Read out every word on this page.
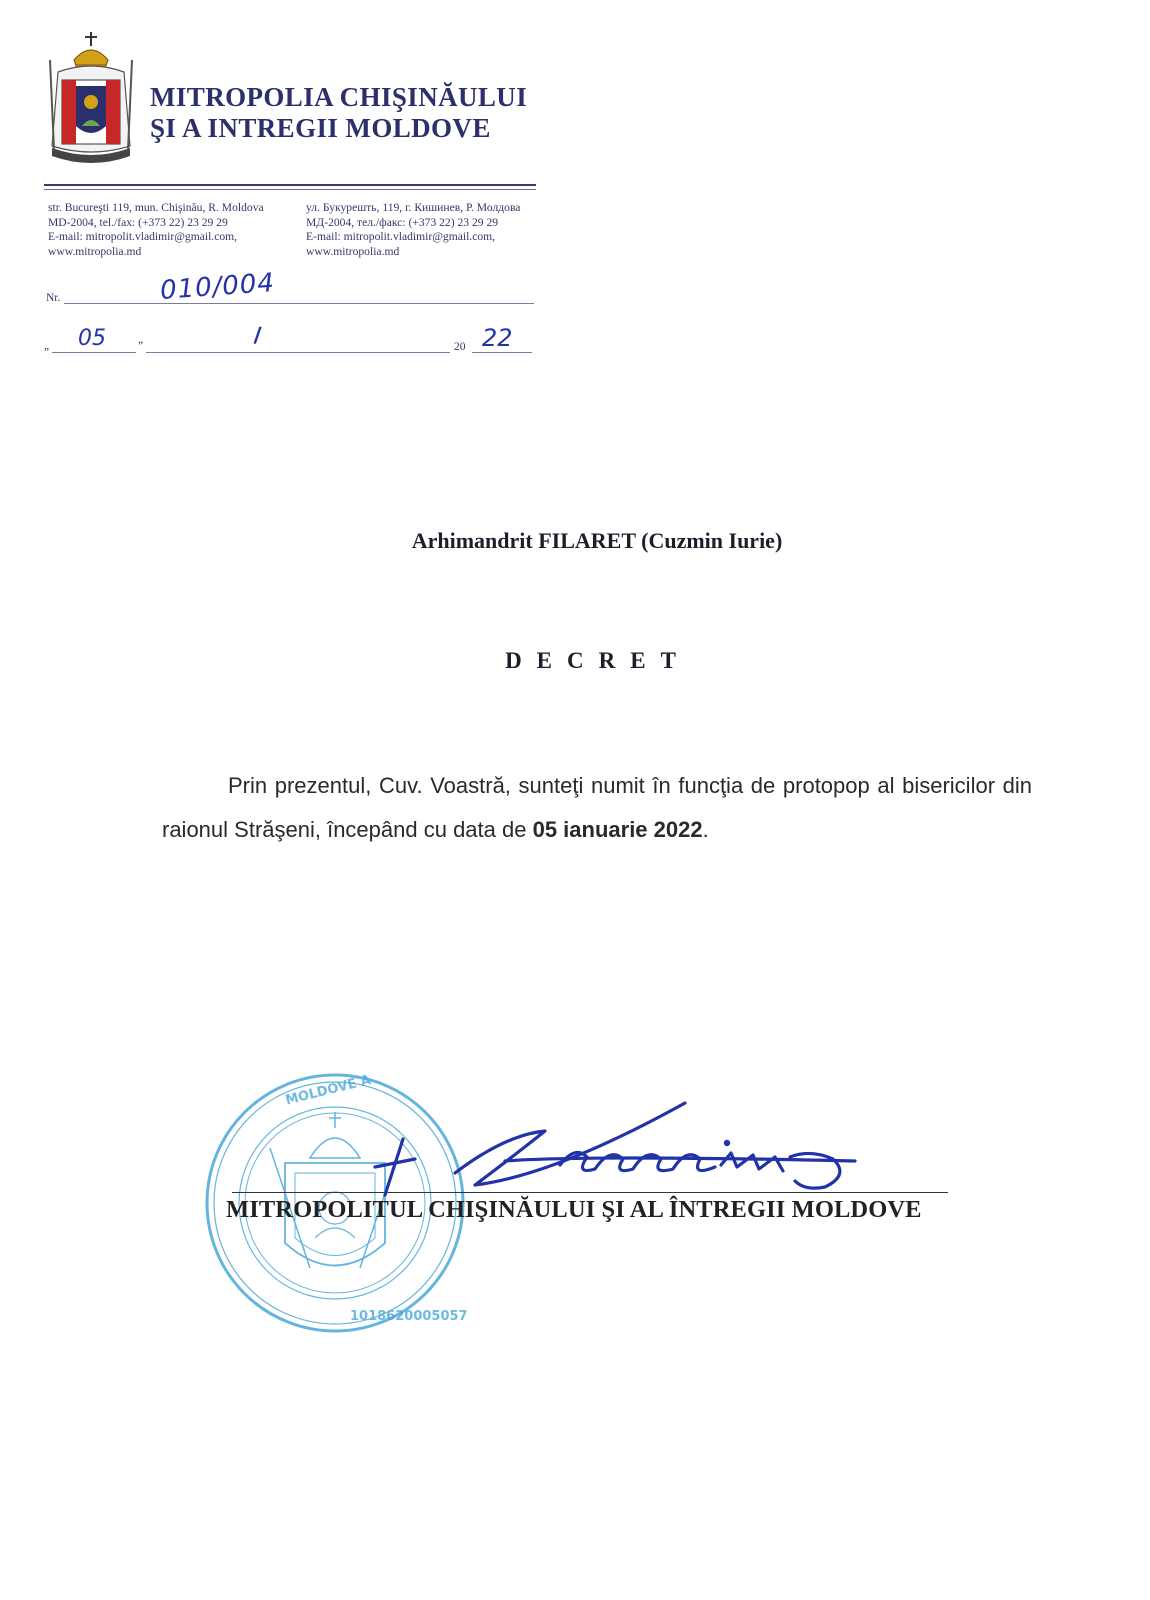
MITROPOLIA CHIŞINĂULUI
ŞI A INTREGII MOLDOVE
str. Bucureşti 119, mun. Chişinău, R. Moldova
MD-2004, tel./fax: (+373 22) 23 29 29
E-mail: mitropolit.vladimir@gmail.com,
www.mitropolia.md
ул. Букурешть, 119, г. Кишинев, Р. Молдова
МД-2004, тел./факс: (+373 22) 23 29 29
E-mail: mitropolit.vladimir@gmail.com,
www.mitropolia.md
Nr.	010/004
„ 05	”	I	20 22
Arhimandrit FILARET (Cuzmin Iurie)
DECRET
Prin prezentul, Cuv. Voastră, sunteţi numit în funcţia de protopop al bisericilor din raionul Străşeni, începând cu data de 05 ianuarie 2022.
MOLDOVE A
1018620005057
MITROPOLITUL CHIŞINĂULUI ŞI AL ÎNTREGII MOLDOVE
